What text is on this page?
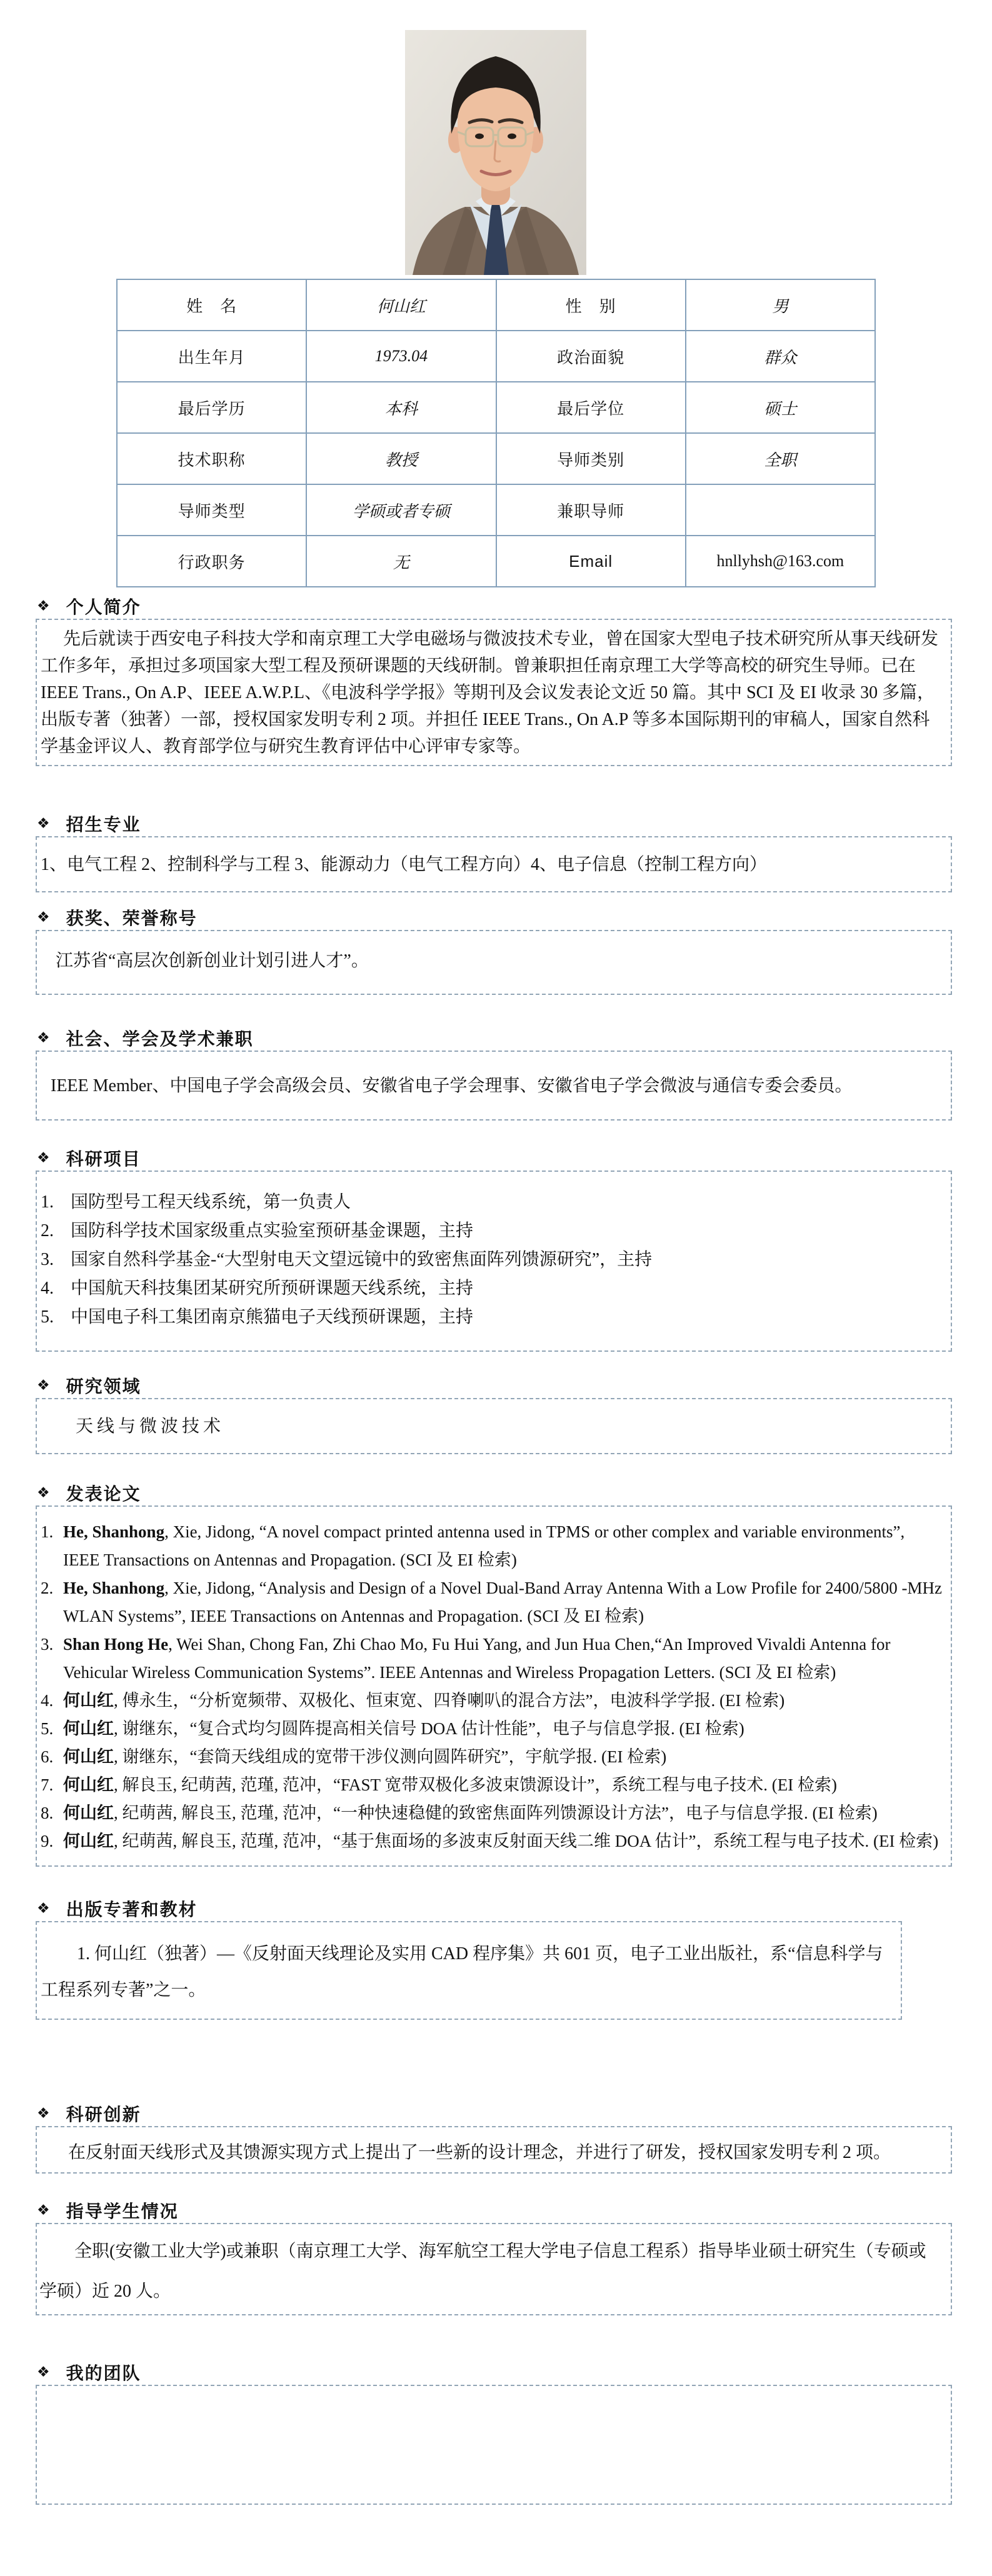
姓　名	何山红	性　别	男
出生年月	1973.04	政治面貌	群众
最后学历	本科	最后学位	硕士
技术职称	教授	导师类别	全职
导师类型	学硕或者专硕	兼职导师	
行政职务	无	Email	hnllyhsh@163.com
❖ 个人简介

先后就读于西安电子科技大学和南京理工大学电磁场与微波技术专业，曾在国家大型电子技术研究所从事天线研发工作多年，承担过多项国家大型工程及预研课题的天线研制。曾兼职担任南京理工大学等高校的研究生导师。已在 IEEE Trans., On A.P、IEEE A.W.P.L、《电波科学学报》等期刊及会议发表论文近 50 篇。其中 SCI 及 EI 收录 30 多篇，出版专著（独著）一部，授权国家发明专利 2 项。并担任 IEEE Trans., On A.P 等多本国际期刊的审稿人，国家自然科学基金评议人、教育部学位与研究生教育评估中心评审专家等。

❖ 招生专业

1、电气工程 2、控制科学与工程 3、能源动力（电气工程方向）4、电子信息（控制工程方向）

❖ 获奖、荣誉称号

江苏省“高层次创新创业计划引进人才”。

❖ 社会、学会及学术兼职

IEEE Member、中国电子学会高级会员、安徽省电子学会理事、安徽省电子学会微波与通信专委会委员。

❖ 科研项目
1. 国防型号工程天线系统，第一负责人
2. 国防科学技术国家级重点实验室预研基金课题，主持
3. 国家自然科学基金-“大型射电天文望远镜中的致密焦面阵列馈源研究”，主持
4. 中国航天科技集团某研究所预研课题天线系统，主持
5. 中国电子科工集团南京熊猫电子天线预研课题，主持
❖ 研究领域

天线与微波技术

❖ 发表论文
1. He, Shanhong, Xie, Jidong, “A novel compact printed antenna used in TPMS or other complex and variable environments”, IEEE Transactions on Antennas and Propagation. (SCI 及 EI 检索)
2. He, Shanhong, Xie, Jidong, “Analysis and Design of a Novel Dual-Band Array Antenna With a Low Profile for 2400/5800 -MHz WLAN Systems”, IEEE Transactions on Antennas and Propagation. (SCI 及 EI 检索)
3. Shan Hong He, Wei Shan, Chong Fan, Zhi Chao Mo, Fu Hui Yang, and Jun Hua Chen,“An Improved Vivaldi Antenna for Vehicular Wireless Communication Systems”. IEEE Antennas and Wireless Propagation Letters. (SCI 及 EI 检索)
4. 何山红, 傅永生，“分析宽频带、双极化、恒束宽、四脊喇叭的混合方法”，电波科学学报. (EI 检索)
5. 何山红, 谢继东，“复合式均匀圆阵提高相关信号 DOA 估计性能”，电子与信息学报. (EI 检索)
6. 何山红, 谢继东，“套筒天线组成的宽带干涉仪测向圆阵研究”，宇航学报. (EI 检索)
7. 何山红, 解良玉, 纪萌茜, 范瑾, 范冲，“FAST 宽带双极化多波束馈源设计”，系统工程与电子技术. (EI 检索)
8. 何山红, 纪萌茜, 解良玉, 范瑾, 范冲，“一种快速稳健的致密焦面阵列馈源设计方法”，电子与信息学报. (EI 检索)
9. 何山红, 纪萌茜, 解良玉, 范瑾, 范冲，“基于焦面场的多波束反射面天线二维 DOA 估计”，系统工程与电子技术. (EI 检索)
❖ 出版专著和教材

1. 何山红（独著）—《反射面天线理论及实用 CAD 程序集》共 601 页，电子工业出版社，系“信息科学与工程系列专著”之一。

❖ 科研创新

在反射面天线形式及其馈源实现方式上提出了一些新的设计理念，并进行了研发，授权国家发明专利 2 项。

❖ 指导学生情况

全职(安徽工业大学)或兼职（南京理工大学、海军航空工程大学电子信息工程系）指导毕业硕士研究生（专硕或学硕）近 20 人。

❖ 我的团队
